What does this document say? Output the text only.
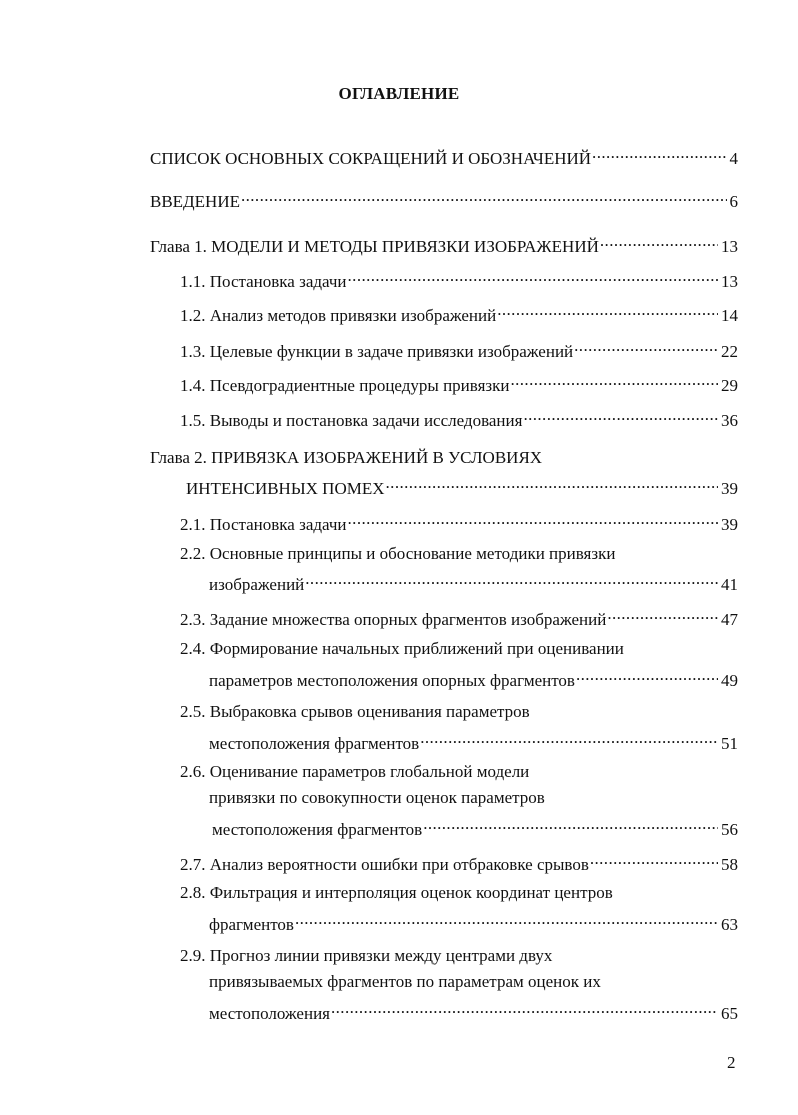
ОГЛАВЛЕНИЕ
СПИСОК ОСНОВНЫХ СОКРАЩЕНИЙ И ОБОЗНАЧЕНИЙ .....	4
ВВЕДЕНИЕ .....	6
Глава 1. МОДЕЛИ И МЕТОДЫ ПРИВЯЗКИ ИЗОБРАЖЕНИЙ .....	13
1.1. Постановка задачи .....	13
1.2. Анализ методов привязки изображений .....	14
1.3. Целевые функции в задаче привязки изображений .....	22
1.4. Псевдоградиентные процедуры привязки .....	29
1.5. Выводы и постановка задачи исследования .....	36
Глава 2. ПРИВЯЗКА ИЗОБРАЖЕНИЙ В УСЛОВИЯХ
ИНТЕНСИВНЫХ ПОМЕХ .....	39
2.1. Постановка задачи .....	39
2.2. Основные принципы и обоснование методики привязки
изображений .....	41
2.3. Задание множества опорных фрагментов изображений .....	47
2.4. Формирование начальных приближений при оценивании
параметров местоположения опорных фрагментов .....	49
2.5. Выбраковка срывов оценивания параметров
местоположения фрагментов .....	51
2.6. Оценивание параметров глобальной модели
привязки по совокупности оценок параметров
местоположения фрагментов .....	56
2.7. Анализ вероятности ошибки при отбраковке срывов .....	58
2.8. Фильтрация и интерполяция оценок координат центров
фрагментов .....	63
2.9. Прогноз линии привязки между центрами двух
привязываемых фрагментов по параметрам оценок их
местоположения .....	65
2
